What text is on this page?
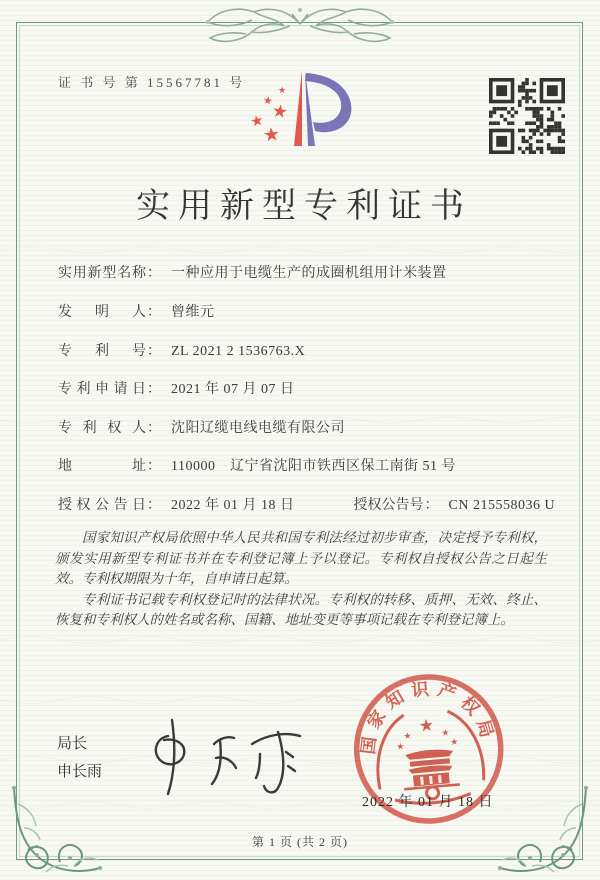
证 书 号 第 15567781 号
★ ★
★
★
★
实用新型专利证书
实用新型名称： 一种应用于电缆生产的成圈机组用计米装置
发明人： 曾维元
专利号： ZL 2021 2 1536763.X
专利申请日： 2021 年 07 月 07 日
专利权人： 沈阳辽缆电线电缆有限公司
地址： 110000　辽宁省沈阳市铁西区保工南街 51 号
授权公告日： 2022 年 01 月 18 日	授权公告号： CN 215558036 U

国家知识产权局依照中华人民共和国专利法经过初步审查，决定授予专利权，颁发实用新型专利证书并在专利登记簿上予以登记。专利权自授权公告之日起生效。专利权期限为十年，自申请日起算。

专利证书记载专利权登记时的法律状况。专利权的转移、质押、无效、终止、恢复和专利权人的姓名或名称、国籍、地址变更等事项记载在专利登记簿上。

局长
申长雨
国家知识产权局
★
★	★
★	★
2022 年 01 月 18 日
第 1 页 (共 2 页)
